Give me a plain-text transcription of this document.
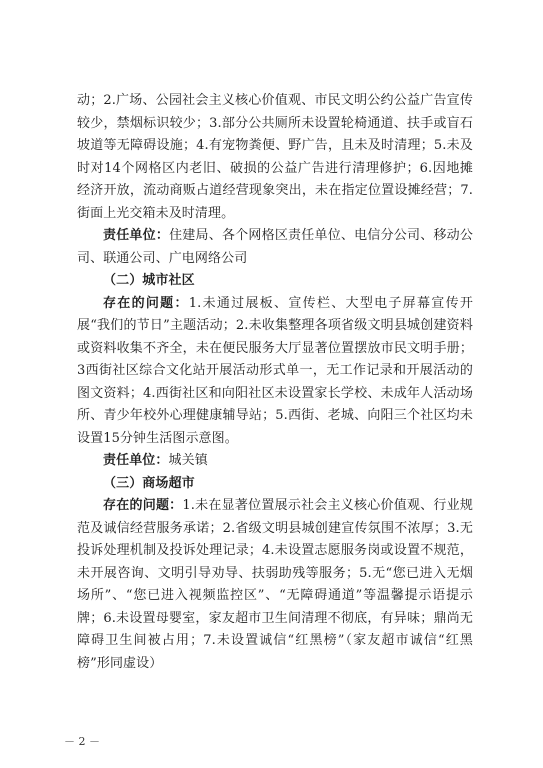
动；2.广场、公园社会主义核心价值观、市民文明公约公益广告宣传较少，禁烟标识较少；3.部分公共厕所未设置轮椅通道、扶手或盲石坡道等无障碍设施；4.有宠物粪便、野广告，且未及时清理；5.未及时对14个网格区内老旧、破损的公益广告进行清理修护；6.因地摊经济开放，流动商贩占道经营现象突出，未在指定位置设摊经营；7.街面上光交箱未及时清理。

责任单位：住建局、各个网格区责任单位、电信分公司、移动公司、联通公司、广电网络公司

（二）城市社区

存在的问题：1.未通过展板、宣传栏、大型电子屏幕宣传开展“我们的节日”主题活动；2.未收集整理各项省级文明县城创建资料或资料收集不齐全，未在便民服务大厅显著位置摆放市民文明手册；3西街社区综合文化站开展活动形式单一，无工作记录和开展活动的图文资料；4.西街社区和向阳社区未设置家长学校、未成年人活动场所、青少年校外心理健康辅导站；5.西街、老城、向阳三个社区均未设置15分钟生活图示意图。

责任单位：城关镇

（三）商场超市

存在的问题：1.未在显著位置展示社会主义核心价值观、行业规范及诚信经营服务承诺；2.省级文明县城创建宣传氛围不浓厚；3.无投诉处理机制及投诉处理记录；4.未设置志愿服务岗或设置不规范，未开展咨询、文明引导劝导、扶弱助残等服务；5.无“您已进入无烟场所”、“您已进入视频监控区”、“无障碍通道”等温馨提示语提示牌；6.未设置母婴室，家友超市卫生间清理不彻底，有异味；鼎尚无障碍卫生间被占用；7.未设置诚信“红黑榜”（家友超市诚信“红黑榜”形同虚设）

－ 2 －
